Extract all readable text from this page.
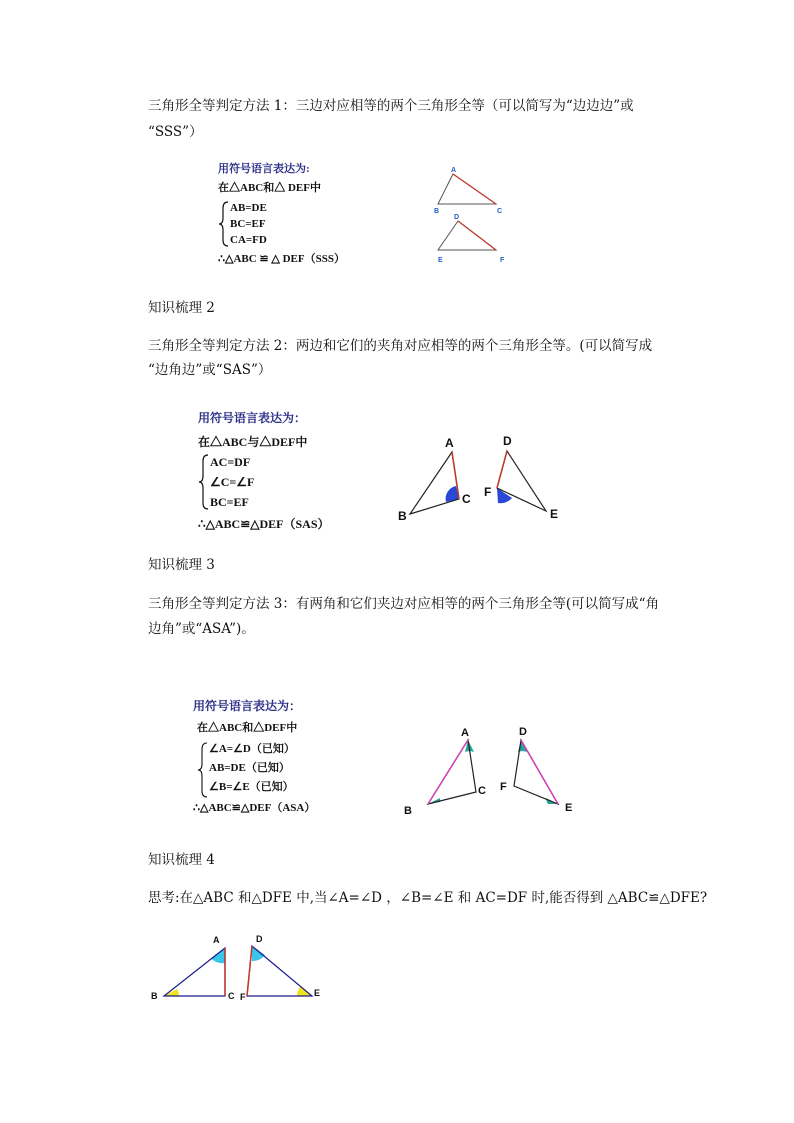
三角形全等判定方法 1：三边对应相等的两个三角形全等（可以简写为“边边边”或

“SSS”）

用符号语言表达为:
在△ABC和△ DEF中
AB=DE
BC=EF
CA=FD
∴△ABC ≌ △ DEF（SSS）
A
B	C
D
E	F

知识梳理 2

三角形全等判定方法 2：两边和它们的夹角对应相等的两个三角形全等。(可以简写成

“边角边”或“SAS”）

用符号语言表达为：
在△ABC与△DEF中
AC=DF
∠C=∠F
BC=EF
∴△ABC≌△DEF（SAS）
A
B
C
D
E
F

知识梳理 3

三角形全等判定方法 3：有两角和它们夹边对应相等的两个三角形全等(可以简写成“角

边角”或“ASA”)。

用符号语言表达为：
在△ABC和△DEF中
∠A=∠D（已知）
AB=DE（已知）
∠B=∠E（已知）
∴△ABC≌△DEF（ASA）
A
B
C
D
E
F

知识梳理 4

思考:在△ABC 和△DFE 中,当∠A=∠D ，∠B=∠E 和 AC=DF 时,能否得到 △ABC≌△DFE?

A
B	C
D
E
F
